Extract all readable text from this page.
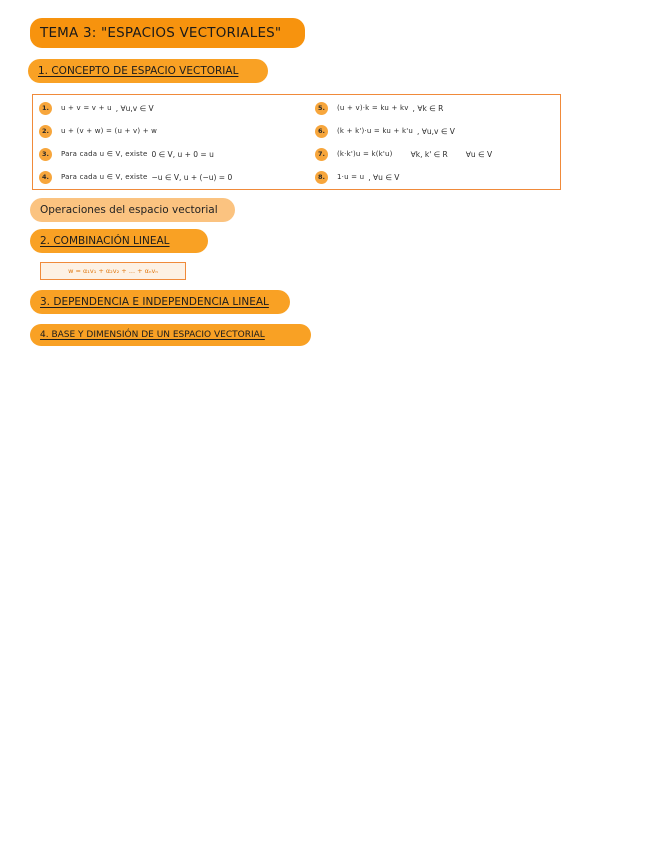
TEMA 3: "ESPACIOS VECTORIALES"
1. CONCEPTO DE ESPACIO VECTORIAL
1.	u + v = v + u , ∀u,v ∈ V
2.	u + (v + w) = (u + v) + w
3.	Para cada u ∈ V, existe 0 ∈ V, u + 0 = u
4.	Para cada u ∈ V, existe −u ∈ V, u + (−u) = 0
5.	(u + v)·k = ku + kv , ∀k ∈ R
6.	(k + k')·u = ku + k'u , ∀u,v ∈ V
7.	(k·k')u = k(k'u) ∀k, k' ∈ R ∀u ∈ V
8.	1·u = u , ∀u ∈ V
Operaciones del espacio vectorial
2. COMBINACIÓN LINEAL
w = α₁v₁ + α₂v₂ + ... + αₙvₙ
3. DEPENDENCIA E INDEPENDENCIA LINEAL
4. BASE Y DIMENSIÓN DE UN ESPACIO VECTORIAL
